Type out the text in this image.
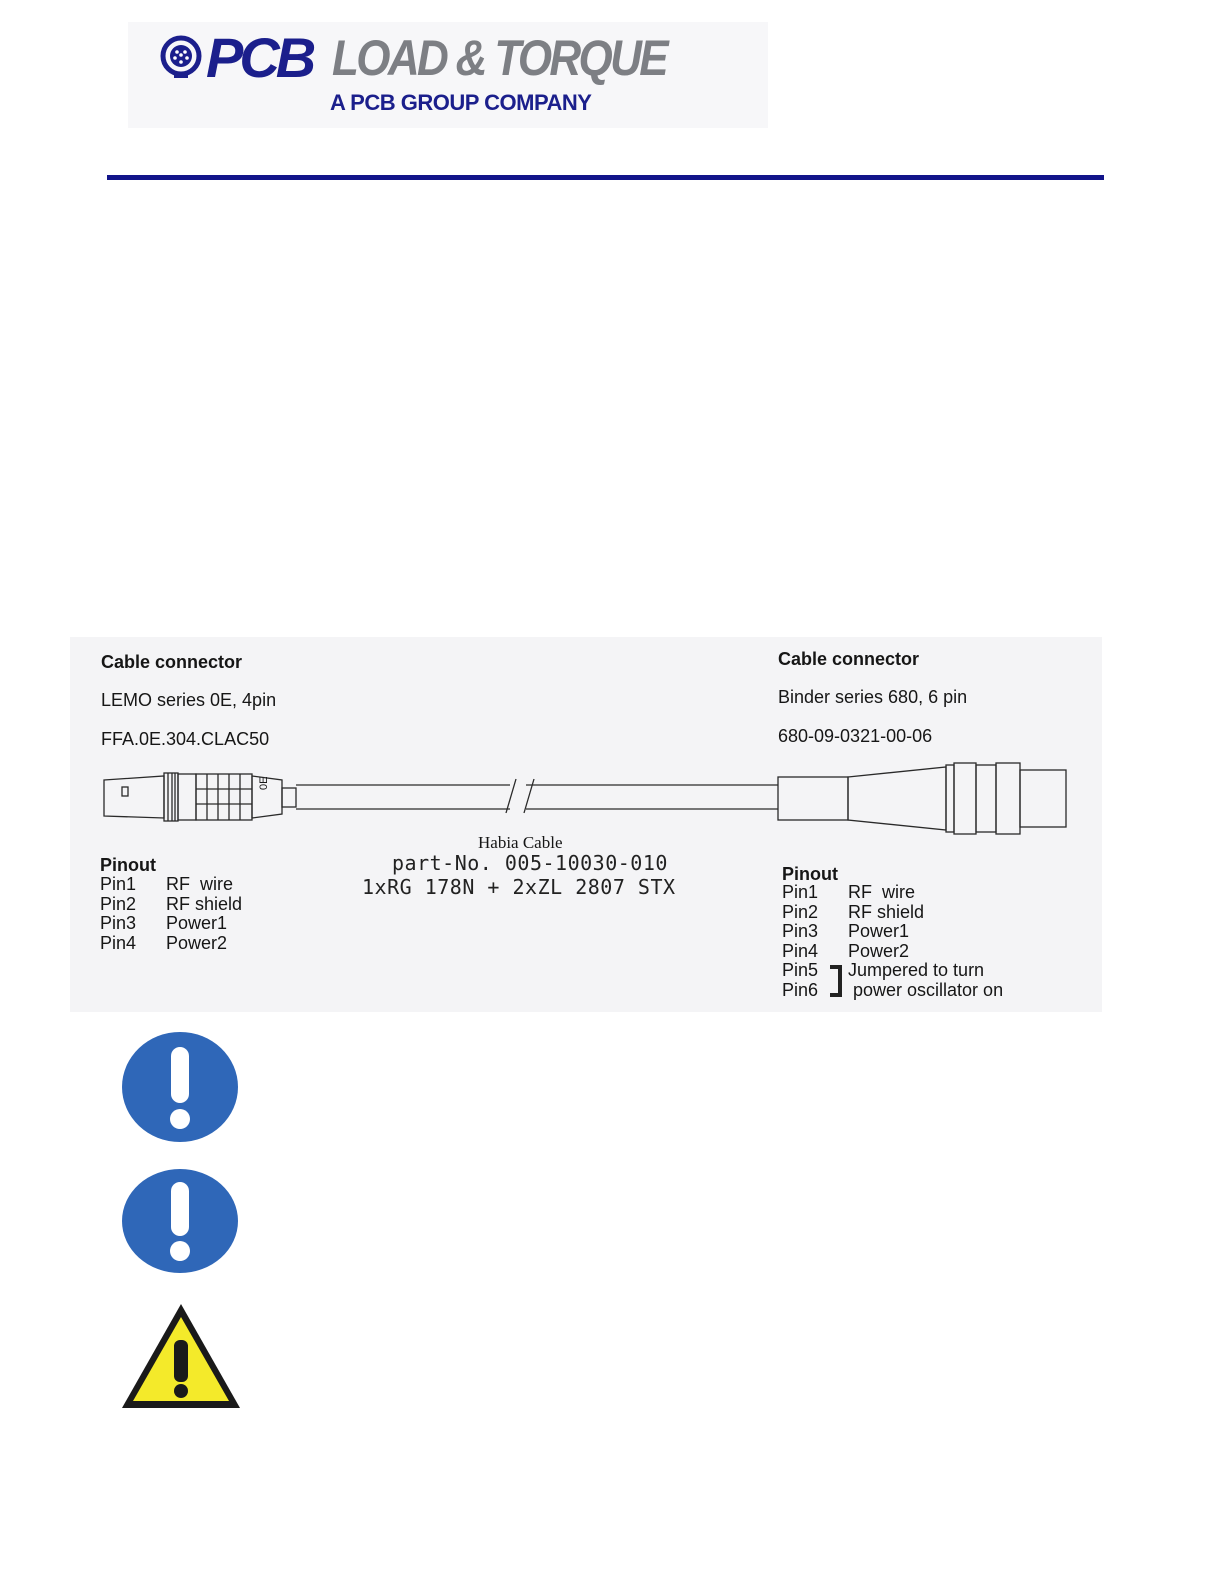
PCB LOAD & TORQUE
A PCB GROUP COMPANY
Cable connector
LEMO series 0E, 4pin
FFA.0E.304.CLAC50
Cable connector
Binder series 680, 6 pin
680-09-0321-00-06
0E
Habia Cable
part-No. 005-10030-010
1xRG 178N + 2xZL 2807 STX
Pinout
Pin1	RF  wire
Pin2	RF shield
Pin3	Power1
Pin4	Power2
Pinout
Pin1	RF  wire
Pin2	RF shield
Pin3	Power1
Pin4	Power2
Pin5	Jumpered to turn
Pin6	power oscillator on
